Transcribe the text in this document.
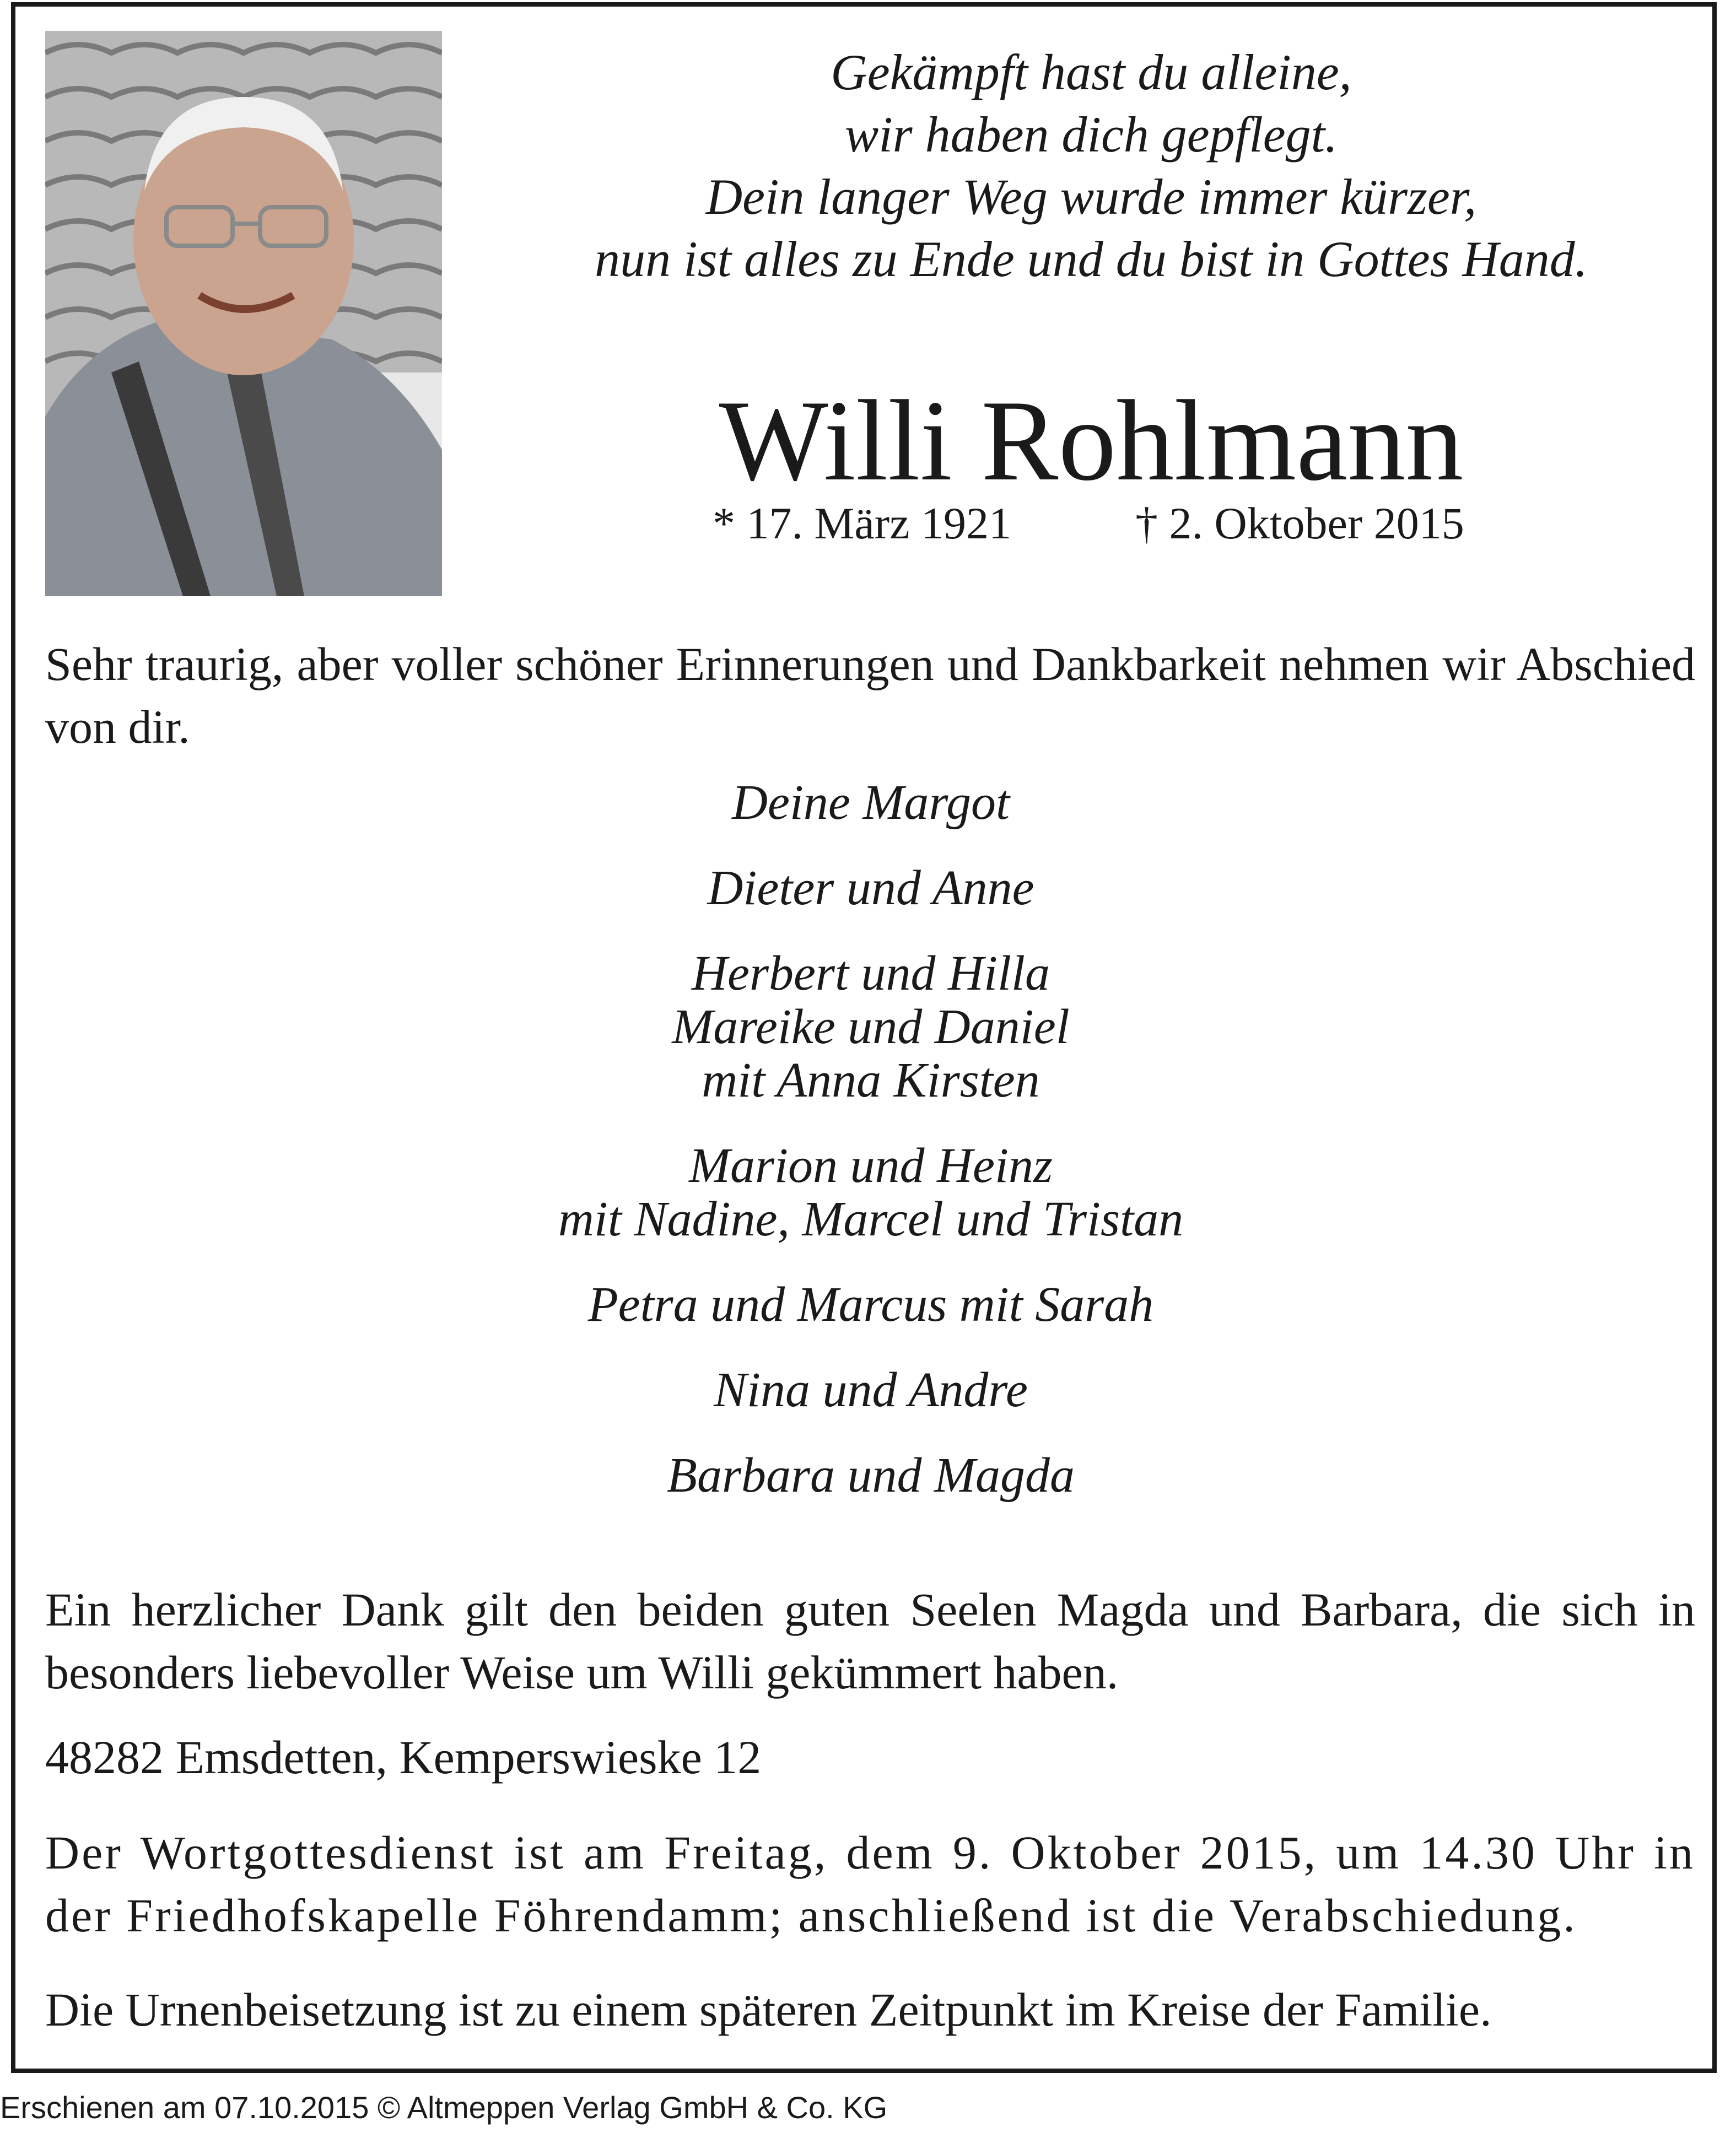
Gekämpft hast du alleine,
wir haben dich gepflegt.
Dein langer Weg wurde immer kürzer,
nun ist alles zu Ende und du bist in Gottes Hand.
Willi Rohlmann
* 17. März 1921	† 2. Oktober 2015
Sehr traurig, aber voller schöner Erinnerungen und Dankbarkeit nehmen wir Abschied von dir.
Deine Margot
Dieter und Anne
Herbert und Hilla
Mareike und Daniel
mit Anna Kirsten
Marion und Heinz
mit Nadine, Marcel und Tristan
Petra und Marcus mit Sarah
Nina und Andre
Barbara und Magda
Ein herzlicher Dank gilt den beiden guten Seelen Magda und Barbara, die sich in besonders liebevoller Weise um Willi gekümmert haben.
48282 Emsdetten, Kemperswieske 12
Der Wortgottesdienst ist am Freitag, dem 9. Oktober 2015, um 14.30 Uhr in der Friedhofskapelle Föhrendamm; anschließend ist die Verabschiedung.
Die Urnenbeisetzung ist zu einem späteren Zeitpunkt im Kreise der Familie.
Erschienen am 07.10.2015 © Altmeppen Verlag GmbH & Co. KG
